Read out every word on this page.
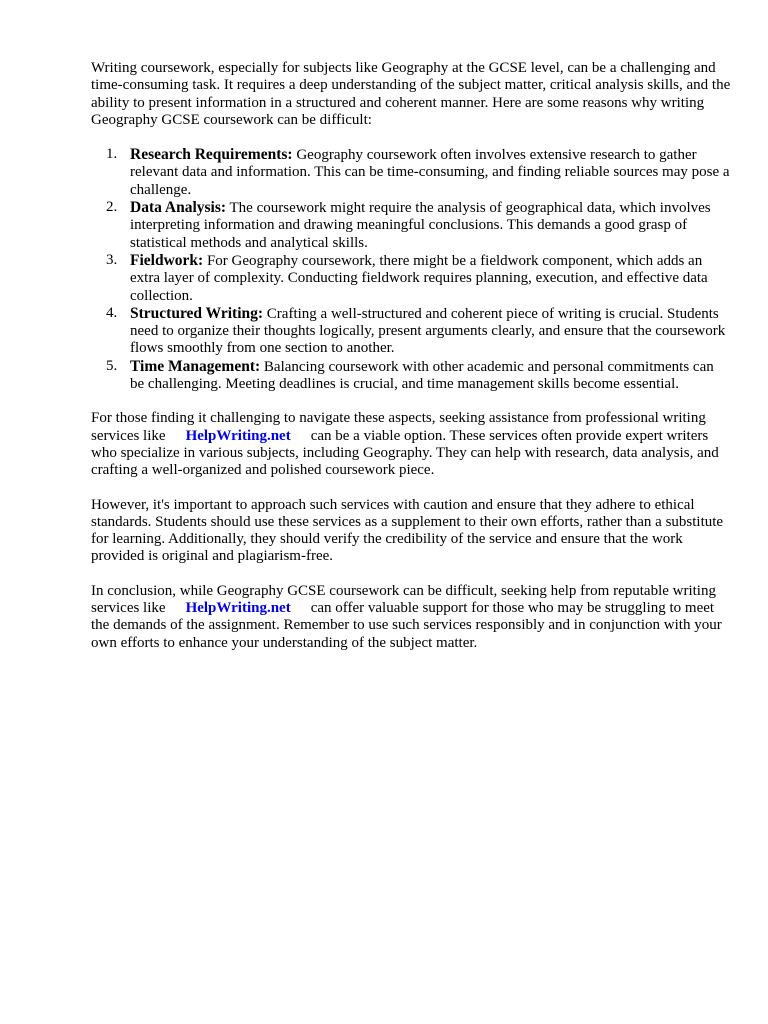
Writing coursework, especially for subjects like Geography at the GCSE level, can be a challenging and time-consuming task. It requires a deep understanding of the subject matter, critical analysis skills, and the ability to present information in a structured and coherent manner. Here are some reasons why writing Geography GCSE coursework can be difficult:

1. Research Requirements: Geography coursework often involves extensive research to gather relevant data and information. This can be time-consuming, and finding reliable sources may pose a challenge.
2. Data Analysis: The coursework might require the analysis of geographical data, which involves interpreting information and drawing meaningful conclusions. This demands a good grasp of statistical methods and analytical skills.
3. Fieldwork: For Geography coursework, there might be a fieldwork component, which adds an extra layer of complexity. Conducting fieldwork requires planning, execution, and effective data collection.
4. Structured Writing: Crafting a well-structured and coherent piece of writing is crucial. Students need to organize their thoughts logically, present arguments clearly, and ensure that the coursework flows smoothly from one section to another.
5. Time Management: Balancing coursework with other academic and personal commitments can be challenging. Meeting deadlines is crucial, and time management skills become essential.

For those finding it challenging to navigate these aspects, seeking assistance from professional writing services like HelpWriting.net can be a viable option. These services often provide expert writers who specialize in various subjects, including Geography. They can help with research, data analysis, and crafting a well-organized and polished coursework piece.

However, it's important to approach such services with caution and ensure that they adhere to ethical standards. Students should use these services as a supplement to their own efforts, rather than a substitute for learning. Additionally, they should verify the credibility of the service and ensure that the work provided is original and plagiarism-free.

In conclusion, while Geography GCSE coursework can be difficult, seeking help from reputable writing services like HelpWriting.net can offer valuable support for those who may be struggling to meet the demands of the assignment. Remember to use such services responsibly and in conjunction with your own efforts to enhance your understanding of the subject matter.
